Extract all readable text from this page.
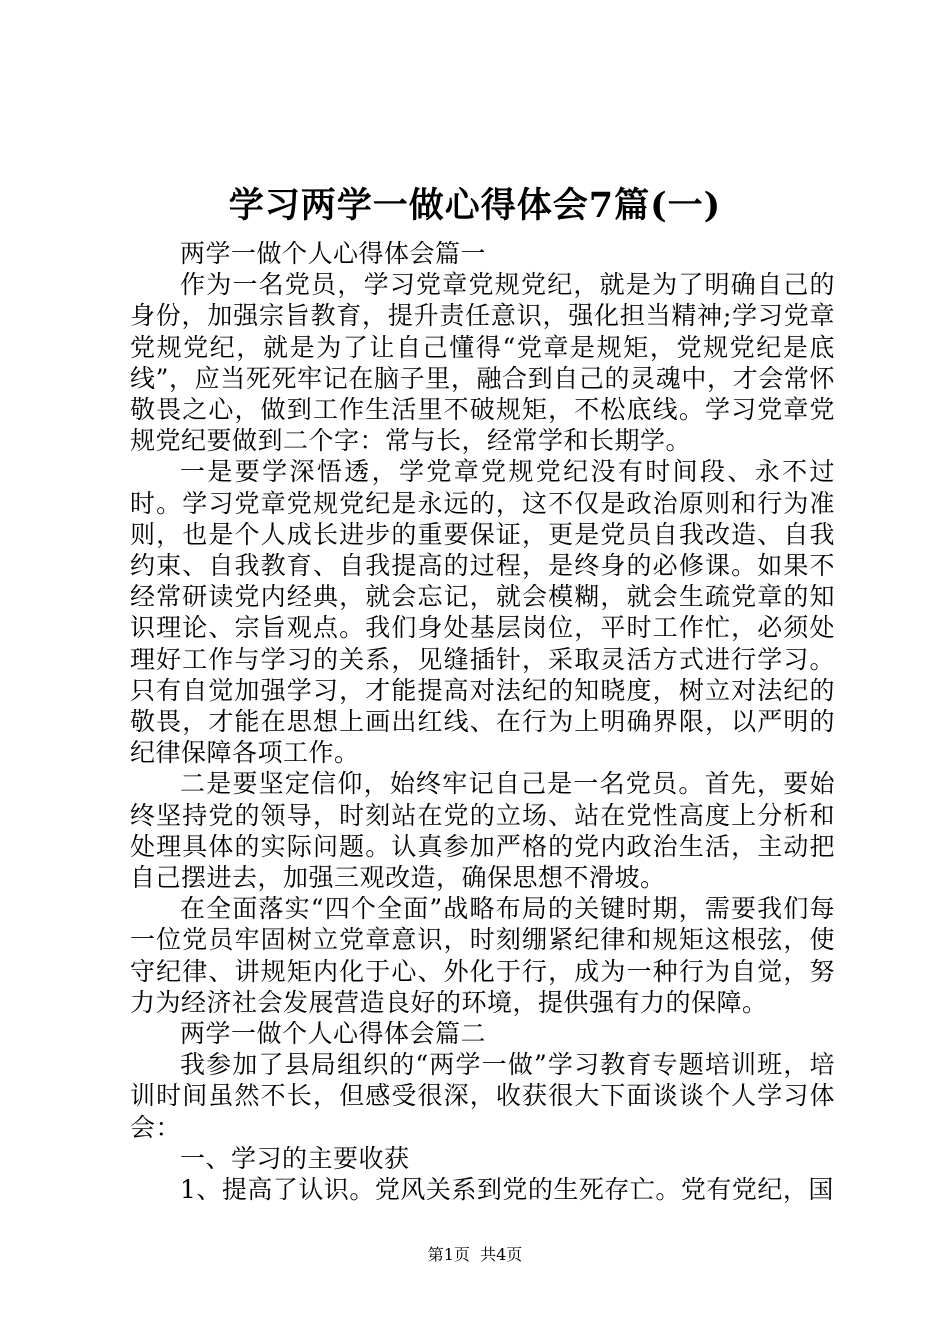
学习两学一做心得体会7篇(一)

两学一做个人心得体会篇一

作为一名党员，学习党章党规党纪，就是为了明确自己的身份，加强宗旨教育，提升责任意识，强化担当精神;学习党章党规党纪，就是为了让自己懂得“党章是规矩，党规党纪是底线”，应当死死牢记在脑子里，融合到自己的灵魂中，才会常怀敬畏之心，做到工作生活里不破规矩，不松底线。学习党章党规党纪要做到二个字：常与长，经常学和长期学。

一是要学深悟透，学党章党规党纪没有时间段、永不过时。学习党章党规党纪是永远的，这不仅是政治原则和行为准则，也是个人成长进步的重要保证，更是党员自我改造、自我约束、自我教育、自我提高的过程，是终身的必修课。如果不经常研读党内经典，就会忘记，就会模糊，就会生疏党章的知识理论、宗旨观点。我们身处基层岗位，平时工作忙，必须处理好工作与学习的关系，见缝插针，采取灵活方式进行学习。只有自觉加强学习，才能提高对法纪的知晓度，树立对法纪的敬畏，才能在思想上画出红线、在行为上明确界限，以严明的纪律保障各项工作。

二是要坚定信仰，始终牢记自己是一名党员。首先，要始终坚持党的领导，时刻站在党的立场、站在党性高度上分析和处理具体的实际问题。认真参加严格的党内政治生活，主动把自己摆进去，加强三观改造，确保思想不滑坡。

在全面落实“四个全面”战略布局的关键时期，需要我们每一位党员牢固树立党章意识，时刻绷紧纪律和规矩这根弦，使守纪律、讲规矩内化于心、外化于行，成为一种行为自觉，努力为经济社会发展营造良好的环境，提供强有力的保障。

两学一做个人心得体会篇二

我参加了县局组织的“两学一做”学习教育专题培训班，培训时间虽然不长，但感受很深，收获很大下面谈谈个人学习体会：

一、学习的主要收获

1、提高了认识。党风关系到党的生死存亡。党有党纪，国

第1页  共4页
